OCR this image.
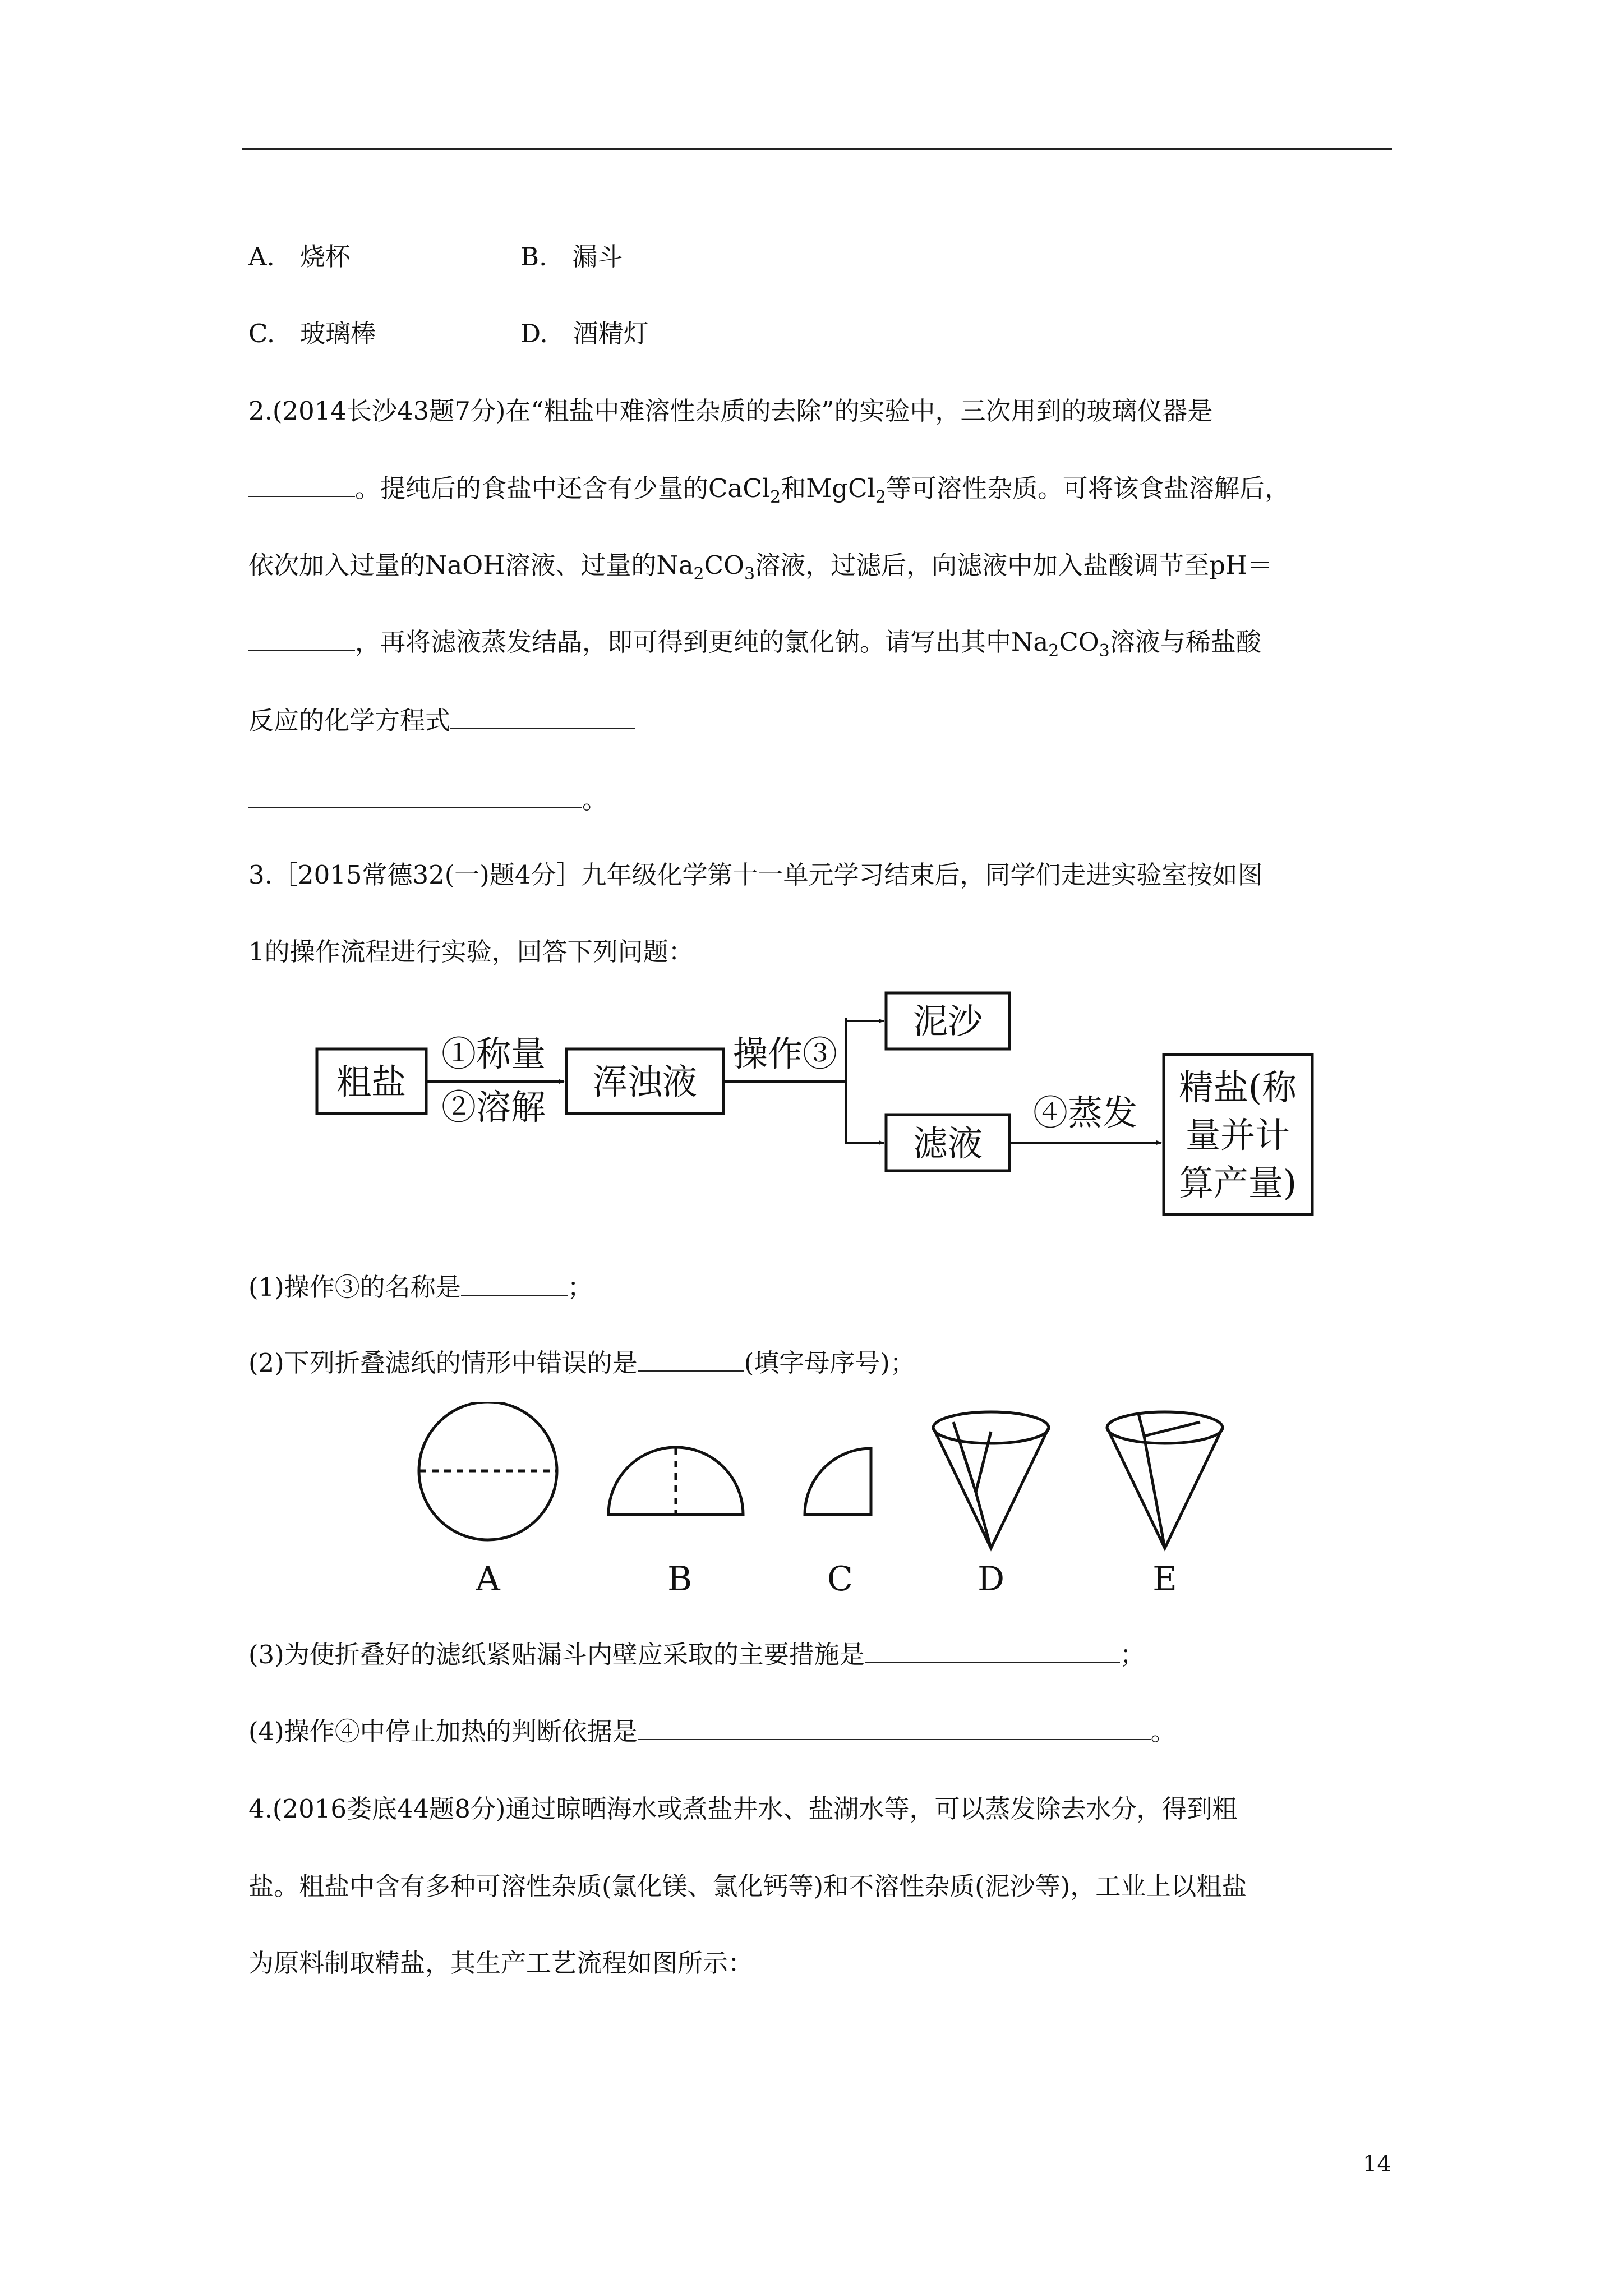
A.　烧杯	B.　漏斗
C.　玻璃棒	D.　酒精灯
2.(2014长沙43题7分)在“粗盐中难溶性杂质的去除”的实验中，三次用到的玻璃仪器是
。提纯后的食盐中还含有少量的CaCl$_2$和MgCl$_2$等可溶性杂质。可将该食盐溶解后，
依次加入过量的NaOH溶液、过量的$Na_2CO_3$溶液，过滤后，向滤液中加入盐酸调节至pH＝
，再将滤液蒸发结晶，即可得到更纯的氯化钠。请写出其中$Na_2CO_3$溶液与稀盐酸
反应的化学方程式
。
3.［2015常德32(一)题4分］九年级化学第十一单元学习结束后，同学们走进实验室按如图
1的操作流程进行实验，回答下列问题：
粗盐
①称量
②溶解
浑浊液
操作③
泥沙
滤液
④蒸发
精盐(称
量并计
算产量)
(1)操作③的名称是	；
(2)下列折叠滤纸的情形中错误的是	(填字母序号)；
A	B	C	D	E
(3)为使折叠好的滤纸紧贴漏斗内壁应采取的主要措施是	；
(4)操作④中停止加热的判断依据是	。
4.(2016娄底44题8分)通过晾晒海水或煮盐井水、盐湖水等，可以蒸发除去水分，得到粗
盐。粗盐中含有多种可溶性杂质(氯化镁、氯化钙等)和不溶性杂质(泥沙等)，工业上以粗盐
为原料制取精盐，其生产工艺流程如图所示：
14
